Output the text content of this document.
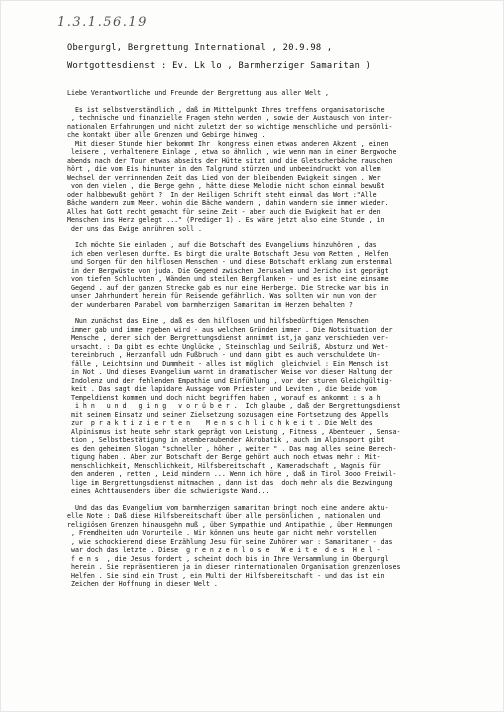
1.3.1.56.19
Obergurgl, Bergrettung International , 20.9.98 ,
Wortgottesdienst : Ev. Lk lo , Barmherziger Samaritan )
Liebe Verantwortliche und Freunde der Bergrettung aus aller Welt ,
Es ist selbstverständlich , daß im Mittelpunkt Ihres treffens organisatorische
, technische und finanzielle Fragen stehn werden , sowie der Austausch von inter-
nationalen Erfahrungen und nicht zuletzt der so wichtige menschliche und persönli-
che kontakt über alle Grenzen und Gebirge hinweg .
Mit dieser Stunde hier bekommt Ihr  kongress einen etwas anderen Akzent , einen
leisere , verhaltenere Einlage , etwa so ähnlich , wie wenn man in einer Bergwoche
abends nach der Tour etwas abseits der Hütte sitzt und die Gletscherbäche rauschen
hört , die vom Eis hinunter in den Talgrund stürzen und unbeeindruckt von allem
Wechsel der verrinnenden Zeit das Lied von der bleibenden Ewigkeit singen . Wer
von den vielen , die Berge gehn , hätte diese Melodie nicht schon einmal bewußt
oder halbbewußt gehört ?  In der Heiligen Schrift steht einmal das Wort :"Alle
Bäche wandern zum Meer. wohin die Bäche wandern , dahin wandern sie immer wieder.
Alles hat Gott recht gemacht für seine Zeit - aber auch die Ewigkeit hat er den
Menschen ins Herz gelegt ..." (Prediger 1) . Es wäre jetzt also eine Stunde , in
der uns das Ewige anrühren soll .
Ich möchte Sie einladen , auf die Botschaft des Evangeliums hinzuhören , das
ich eben verlesen durfte. Es birgt die uralte Botschaft Jesu vom Retten , Helfen
und Sorgen für den hilflosen Menschen - und diese Botschaft erklang zum erstenmal
in der Bergwüste von juda. Die Gegend zwischen Jerusalem und Jericho ist geprägt
von tiefen Schluchten , Wänden und steilen Bergflanken - und es ist eine einsame
Gegend . auf der ganzen Strecke gab es nur eine Herberge. Die Strecke war bis in
unser Jahrhundert herein für Reisende gefährlich. Was sollten wir nun von der
der wunderbaren Parabel vom barmherzigen Samaritan im Herzen behalten ?
Nun zunächst das Eine , daß es den hilflosen und hilfsbedürftigen Menschen
immer gab und imme rgeben wird - aus welchen Gründen immer . Die Notsituation der
Mensche , derer sich der Bergrettungsdienst annimmt ist,ja ganz verschieden ver-
ursacht. : Da gibt es echte Unglücke , Steinschlag und Seilriß, Absturz und Wet-
tereinbruch , Herzanfall udn Fußbruch - und dann gibt es auch verschuldete Un-
fälle , Leichtsinn und Dummheit - alles ist möglich  gleichviel : Ein Mensch ist
in Not . Und dieses Evangelium warnt in dramatischer Weise vor dieser Haltung der
Indolenz und der fehlenden Empathie und Einfühlung , vor der sturen Gleichgültig-
keit . Das sagt die lapidare Aussage vom Priester und Leviten , die beide vom
Tempeldienst kommen und doch nicht begriffen haben , worauf es ankommt : s a h
i h n   u n d   g i n g   v o r ü b e r .  Ich glaube , daß der Bergrettungsdienst
mit seinem Einsatz und seiner Zielsetzung sozusagen eine Fortsetzung des Appells
zur  p r a k t i z i e r t e n    M e n s c h l i c h k e i t . Die Welt des
Alpinismus ist heute sehr stark geprägt von Leistung , Fitness , Abenteuer , Sensa-
tion , Selbstbestätigung in atemberaubender Akrobatik , auch im Alpinsport gibt
es den geheimen Slogan "schneller , höher , weiter " . Das mag alles seine Berech-
tigung haben . Aber zur Botschaft der Berge gehört auch noch etwas mehr : Mit-
menschlichkeit, Menschlichkeit, Hilfsbereitschaft , Kameradschaft , Wagnis für
den anderen , retten , Leid mindern ... Wenn ich höre , daß in Tirol 3ooo Freiwil-
lige im Bergrettungsdienst mitmachen , dann ist das  doch mehr als die Bezwingung
eines Achttausenders über die schwierigste Wand...
Und das das Evangelium vom barmherzigen samaritan bringt noch eine andere aktu-
elle Note : Daß diese Hilfsbereitschaft über alle persönlichen , nationalen und
religiösen Grenzen hinausgehn muß , über Sympathie und Antipathie , über Hemmungen
, Fremdheiten udn Vorurteile . Wir können uns heute gar nicht mehr vorstellen
, wie schockierend diese Erzählung Jesu für seine Zuhörer war : Samaritaner - das
war doch das letzte . Diese  g r e n z e n l o s e   W e i t e  d e s  H e l -
f e n s  , die Jesus fordert , scheint doch bis in Ihre Versammlung in Obergurgl
herein . Sie repräsentieren ja in dieser rinternationalen Organisation grenzenloses
Helfen . Sie sind ein Trust , ein Multi der Hilfsbereitschaft - und das ist ein
Zeichen der Hoffnung in dieser Welt .
